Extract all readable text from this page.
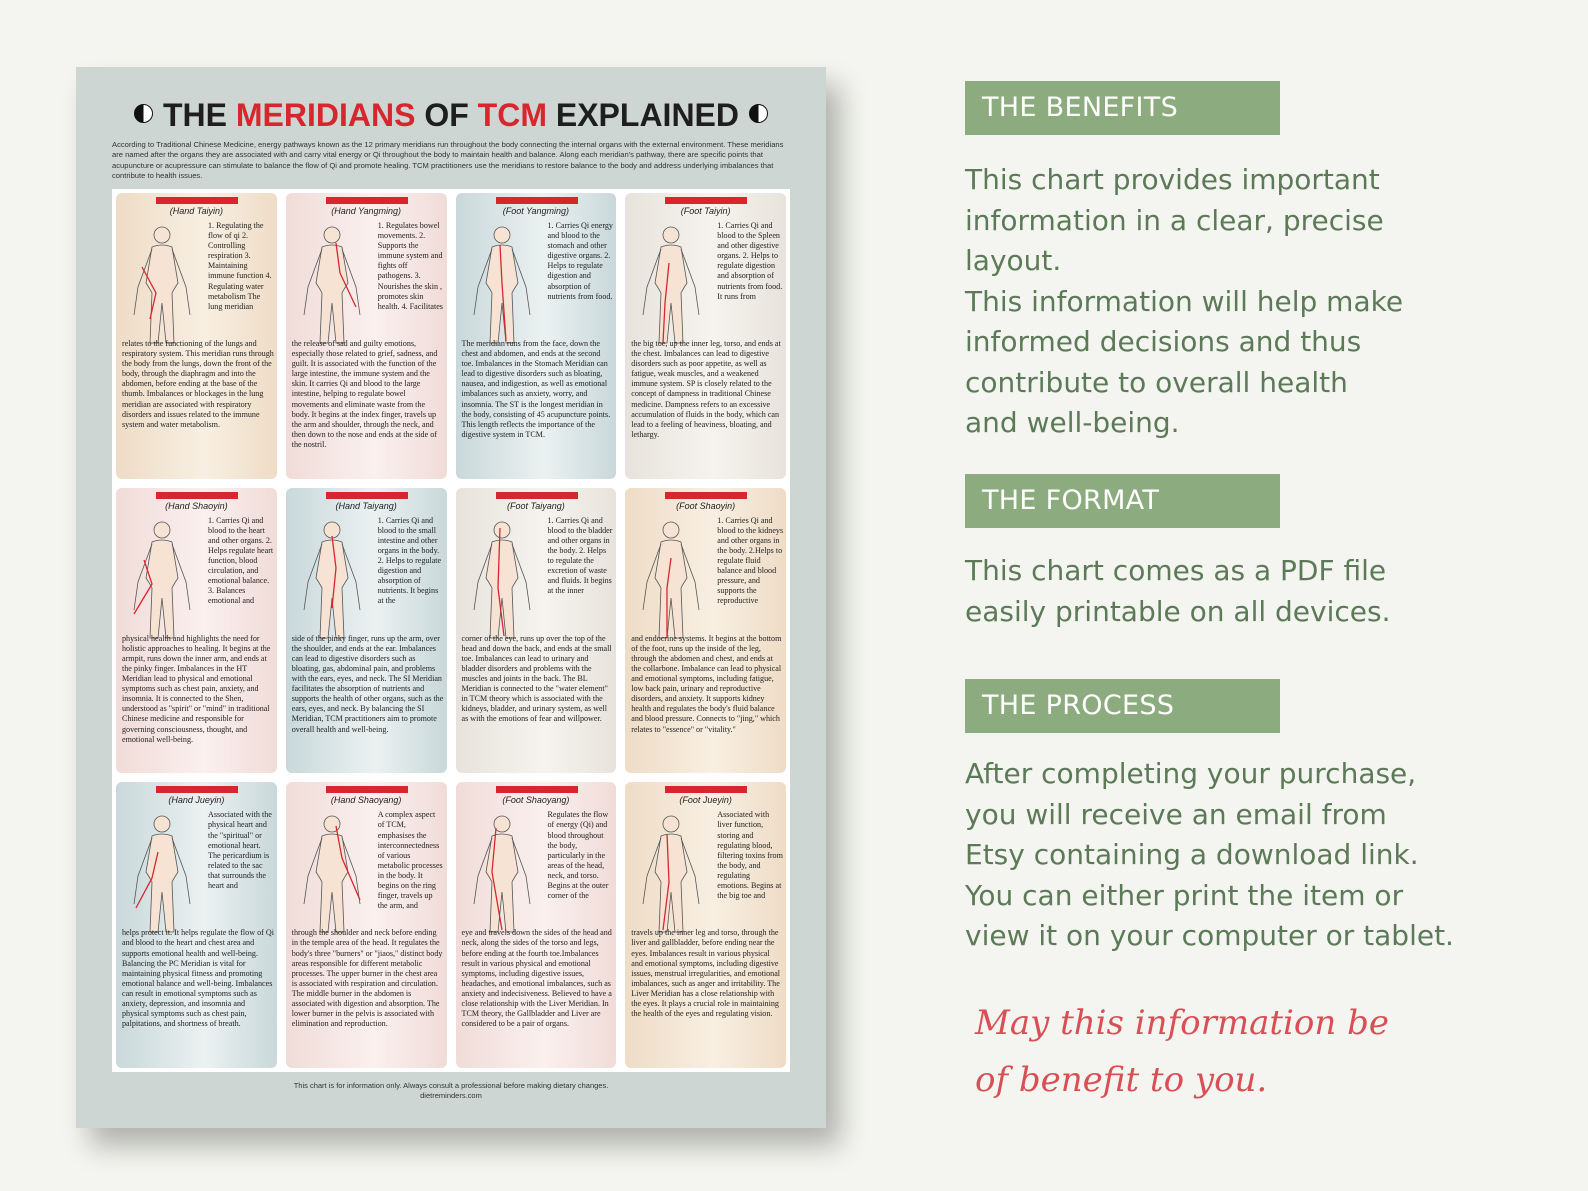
THE MERIDIANS OF TCM EXPLAINED
According to Traditional Chinese Medicine, energy pathways known as the 12 primary meridians run throughout the body connecting the internal organs with the external environment. These meridians are named after the organs they are associated with and carry vital energy or Qi throughout the body to maintain health and balance. Along each meridian's pathway, there are specific points that acupuncture or acupressure can stimulate to balance the flow of Qi and promote healing. TCM practitioners use the meridians to restore balance to the body and address underlying imbalances that contribute to health issues.
(Hand Taiyin)
1. Regulating the flow of qi 2. Controlling respiration 3. Maintaining immune function 4. Regulating water metabolism The lung meridian
relates to the functioning of the lungs and respiratory system. This meridian runs through the body from the lungs, down the front of the body, through the diaphragm and into the abdomen, before ending at the base of the thumb. Imbalances or blockages in the lung meridian are associated with respiratory disorders and issues related to the immune system and water metabolism.
(Hand Yangming)
1. Regulates bowel movements. 2. Supports the immune system and fights off pathogens. 3. Nourishes the skin , promotes skin health. 4. Facilitates
the release of sad and guilty emotions, especially those related to grief, sadness, and guilt. It is associated with the function of the large intestine, the immune system and the skin. It carries Qi and blood to the large intestine, helping to regulate bowel movements and eliminate waste from the body. It begins at the index finger, travels up the arm and shoulder, through the neck, and then down to the nose and ends at the side of the nostril.
(Foot Yangming)
1. Carries Qi energy and blood to the stomach and other digestive organs. 2. Helps to regulate digestion and absorption of nutrients from food.
The meridian runs from the face, down the chest and abdomen, and ends at the second toe. Imbalances in the Stomach Meridian can lead to digestive disorders such as bloating, nausea, and indigestion, as well as emotional imbalances such as anxiety, worry, and insomnia. The ST is the longest meridian in the body, consisting of 45 acupuncture points. This length reflects the importance of the digestive system in TCM.
(Foot Taiyin)
1. Carries Qi and blood to the Spleen and other digestive organs. 2. Helps to regulate digestion and absorption of nutrients from food. It runs from
the big toe, up the inner leg, torso, and ends at the chest. Imbalances can lead to digestive disorders such as poor appetite, as well as fatigue, weak muscles, and a weakened immune system. SP is closely related to the concept of dampness in traditional Chinese medicine. Dampness refers to an excessive accumulation of fluids in the body, which can lead to a feeling of heaviness, bloating, and lethargy.
(Hand Shaoyin)
1. Carries Qi and blood to the heart and other organs. 2. Helps regulate heart function, blood circulation, and emotional balance. 3. Balances emotional and
physical health and highlights the need for holistic approaches to healing. It begins at the armpit, runs down the inner arm, and ends at the pinky finger. Imbalances in the HT Meridian lead to physical and emotional symptoms such as chest pain, anxiety, and insomnia. It is connected to the Shen, understood as "spirit" or "mind" in traditional Chinese medicine and responsible for governing consciousness, thought, and emotional well-being.
(Hand Taiyang)
1. Carries Qi and blood to the small intestine and other organs in the body. 2. Helps to regulate digestion and absorption of nutrients. It begins at the
side of the pinky finger, runs up the arm, over the shoulder, and ends at the ear. Imbalances can lead to digestive disorders such as bloating, gas, abdominal pain, and problems with the ears, eyes, and neck. The SI Meridian facilitates the absorption of nutrients and supports the health of other organs, such as the ears, eyes, and neck. By balancing the SI Meridian, TCM practitioners aim to promote overall health and well-being.
(Foot Taiyang)
1. Carries Qi and blood to the bladder and other organs in the body. 2. Helps to regulate the excretion of waste and fluids. It begins at the inner
corner of the eye, runs up over the top of the head and down the back, and ends at the small toe. Imbalances can lead to urinary and bladder disorders and problems with the muscles and joints in the back. The BL Meridian is connected to the "water element" in TCM theory which is associated with the kidneys, bladder, and urinary system, as well as with the emotions of fear and willpower.
(Foot Shaoyin)
1. Carries Qi and blood to the kidneys and other organs in the body. 2.Helps to regulate fluid balance and blood pressure, and supports the reproductive
and endocrine systems. It begins at the bottom of the foot, runs up the inside of the leg, through the abdomen and chest, and ends at the collarbone. Imbalance can lead to physical and emotional symptoms, including fatigue, low back pain, urinary and reproductive disorders, and anxiety. It supports kidney health and regulates the body's fluid balance and blood pressure. Connects to "jing," which relates to "essence" or "vitality."
(Hand Jueyin)
Associated with the physical heart and the "spiritual" or emotional heart. The pericardium is related to the sac that surrounds the heart and
helps protect it. It helps regulate the flow of Qi and blood to the heart and chest area and supports emotional health and well-being. Balancing the PC Meridian is vital for maintaining physical fitness and promoting emotional balance and well-being. Imbalances can result in emotional symptoms such as anxiety, depression, and insomnia and physical symptoms such as chest pain, palpitations, and shortness of breath.
(Hand Shaoyang)
A complex aspect of TCM, emphasises the interconnectedness of various metabolic processes in the body. It begins on the ring finger, travels up the arm, and
through the shoulder and neck before ending in the temple area of the head. It regulates the body's three "burners" or "jiaos," distinct body areas responsible for different metabolic processes. The upper burner in the chest area is associated with respiration and circulation. The middle burner in the abdomen is associated with digestion and absorption. The lower burner in the pelvis is associated with elimination and reproduction.
(Foot Shaoyang)
Regulates the flow of energy (Qi) and blood throughout the body, particularly in the areas of the head, neck, and torso. Begins at the outer corner of the
eye and travels down the sides of the head and neck, along the sides of the torso and legs, before ending at the fourth toe.Imbalances result in various physical and emotional symptoms, including digestive issues, headaches, and emotional imbalances, such as anxiety and indecisiveness. Believed to have a close relationship with the Liver Meridian. In TCM theory, the Gallbladder and Liver are considered to be a pair of organs.
(Foot Jueyin)
Associated with liver function, storing and regulating blood, filtering toxins from the body, and regulating emotions. Begins at the big toe and
travels up the inner leg and torso, through the liver and gallbladder, before ending near the eyes. Imbalances result in various physical and emotional symptoms, including digestive issues, menstrual irregularities, and emotional imbalances, such as anger and irritability. The Liver Meridian has a close relationship with the eyes. It plays a crucial role in maintaining the health of the eyes and regulating vision.
This chart is for information only. Always consult a professional before making dietary changes.
dietreminders.com
THE BENEFITS
This chart provides important
information in a clear, precise
layout.
This information will help make
informed decisions and thus
contribute to overall health
and well-being.
THE FORMAT
This chart comes as a PDF file
easily printable on all devices.
THE PROCESS
After completing your purchase,
you will receive an email from
Etsy containing a download link.
You can either print the item or
view it on your computer or tablet.
May this information be
of benefit to you.
